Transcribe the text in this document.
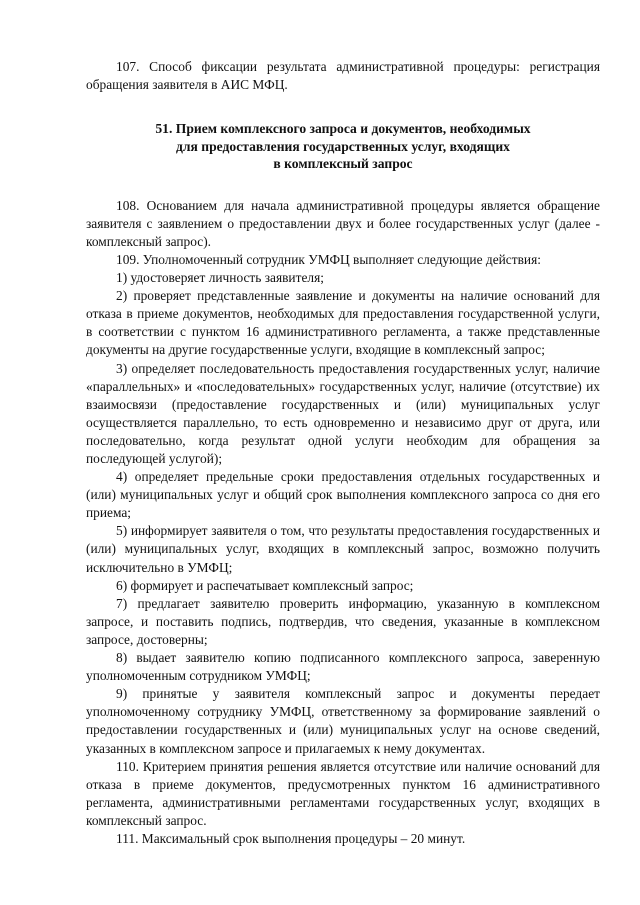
107. Способ фиксации результата административной процедуры: регистрация обращения заявителя в АИС МФЦ.

51. Прием комплексного запроса и документов, необходимых
для предоставления государственных услуг, входящих
в комплексный запрос

108. Основанием для начала административной процедуры является обращение заявителя с заявлением о предоставлении двух и более государственных услуг (далее - комплексный запрос).

109. Уполномоченный сотрудник УМФЦ выполняет следующие действия:

1) удостоверяет личность заявителя;

2) проверяет представленные заявление и документы на наличие оснований для отказа в приеме документов, необходимых для предоставления государственной услуги, в соответствии с пунктом 16 административного регламента, а также представленные документы на другие государственные услуги, входящие в комплексный запрос;

3) определяет последовательность предоставления государственных услуг, наличие «параллельных» и «последовательных» государственных услуг, наличие (отсутствие) их взаимосвязи (предоставление государственных и (или) муниципальных услуг осуществляется параллельно, то есть одновременно и независимо друг от друга, или последовательно, когда результат одной услуги необходим для обращения за последующей услугой);

4) определяет предельные сроки предоставления отдельных государственных и (или) муниципальных услуг и общий срок выполнения комплексного запроса со дня его приема;

5) информирует заявителя о том, что результаты предоставления государственных и (или) муниципальных услуг, входящих в комплексный запрос, возможно получить исключительно в УМФЦ;

6) формирует и распечатывает комплексный запрос;

7) предлагает заявителю проверить информацию, указанную в комплексном запросе, и поставить подпись, подтвердив, что сведения, указанные в комплексном запросе, достоверны;

8) выдает заявителю копию подписанного комплексного запроса, заверенную уполномоченным сотрудником УМФЦ;

9) принятые у заявителя комплексный запрос и документы передает уполномоченному сотруднику УМФЦ, ответственному за формирование заявлений о предоставлении государственных и (или) муниципальных услуг на основе сведений, указанных в комплексном запросе и прилагаемых к нему документах.

110. Критерием принятия решения является отсутствие или наличие оснований для отказа в приеме документов, предусмотренных пунктом 16 административного регламента, административными регламентами государственных услуг, входящих в комплексный запрос.

111. Максимальный срок выполнения процедуры – 20 минут.
